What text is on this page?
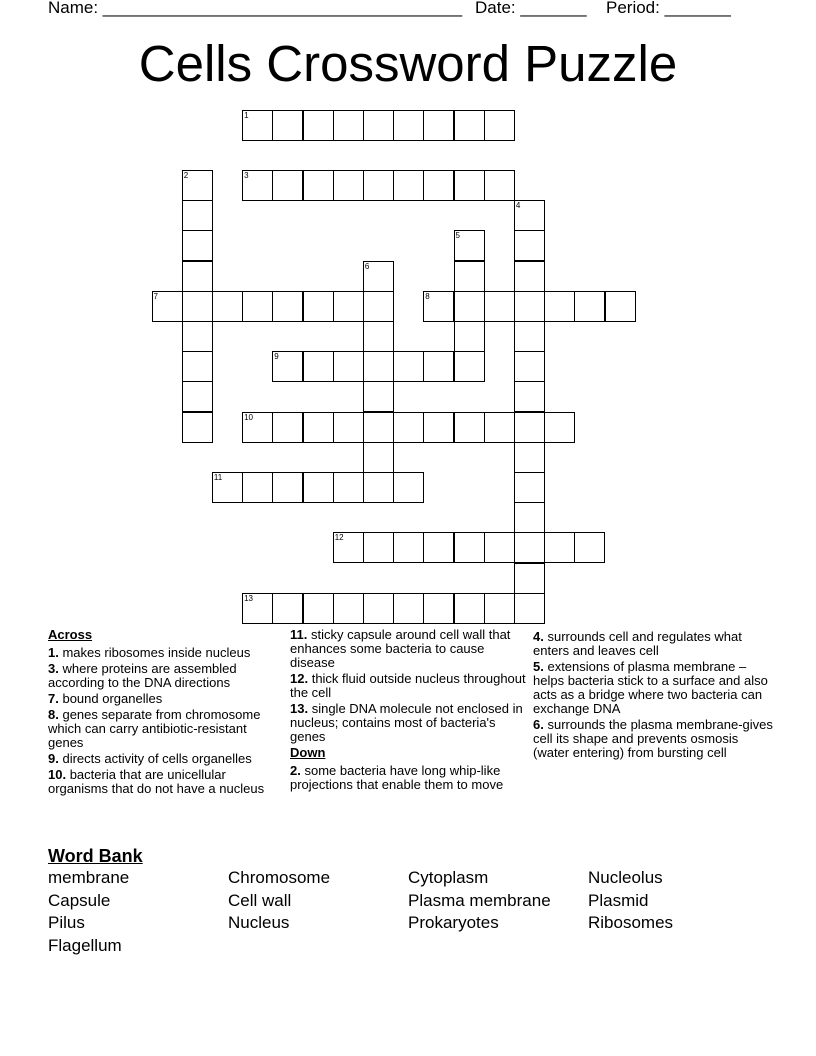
Name: ______________________________________ Date: _______ Period: _______
Cells Crossword Puzzle
1
2	3
4
5
6
7	8
9
10
11
12
13
Across
1. makes ribosomes inside nucleus
3. where proteins are assembled according to the DNA directions
7. bound organelles
8. genes separate from chromosome which can carry antibiotic-resistant genes
9. directs activity of cells organelles
10. bacteria that are unicellular organisms that do not have a nucleus
11. sticky capsule around cell wall that enhances some bacteria to cause disease
12. thick fluid outside nucleus throughout the cell
13. single DNA molecule not enclosed in nucleus; contains most of bacteria's genes
Down
2. some bacteria have long whip-like projections that enable them to move
4. surrounds cell and regulates what enters and leaves cell
5. extensions of plasma membrane – helps bacteria stick to a surface and also acts as a bridge where two bacteria can exchange DNA
6. surrounds the plasma membrane-gives cell its shape and prevents osmosis (water entering) from bursting cell
Word Bank
membrane	Chromosome	Cytoplasm	Nucleolus
Capsule	Cell wall	Plasma membrane	Plasmid
Pilus	Nucleus	Prokaryotes	Ribosomes
Flagellum
